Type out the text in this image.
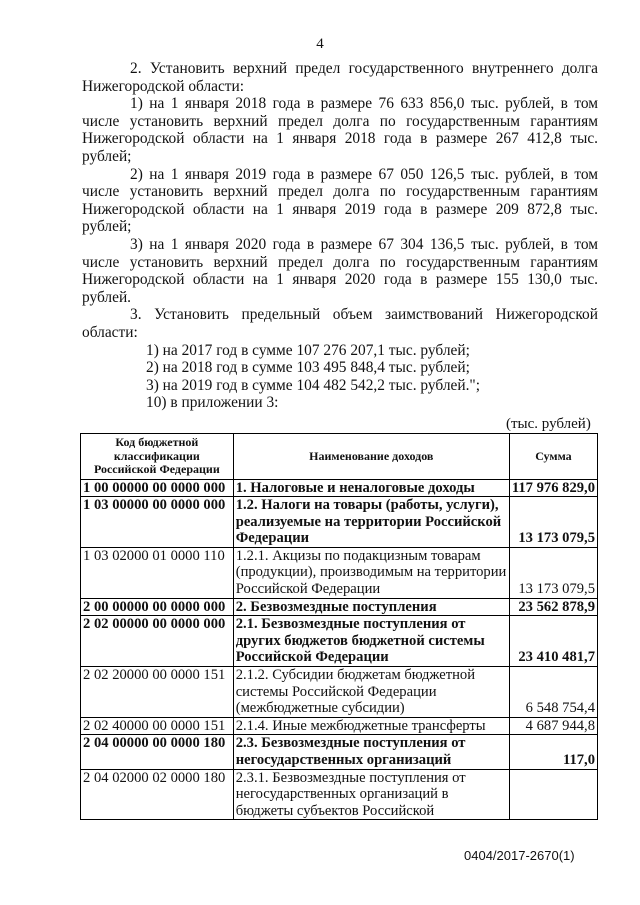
4

2. Установить верхний предел государственного внутреннего долга Нижегородской области:

1) на 1 января 2018 года в размере 76 633 856,0 тыс. рублей, в том числе установить верхний предел долга по государственным гарантиям Нижегородской области на 1 января 2018 года в размере 267 412,8 тыс. рублей;

2) на 1 января 2019 года в размере 67 050 126,5 тыс. рублей, в том числе установить верхний предел долга по государственным гарантиям Нижегородской области на 1 января 2019 года в размере 209 872,8 тыс. рублей;

3) на 1 января 2020 года в размере 67 304 136,5 тыс. рублей, в том числе установить верхний предел долга по государственным гарантиям Нижегородской области на 1 января 2020 года в размере 155 130,0 тыс. рублей.

3. Установить предельный объем заимствований Нижегородской области:

1) на 2017 год в сумме 107 276 207,1 тыс. рублей;

2) на 2018 год в сумме 103 495 848,4 тыс. рублей;

3) на 2019 год в сумме 104 482 542,2 тыс. рублей.";

10) в приложении 3:

(тыс. рублей)
Код бюджетной классификации Российской Федерации	Наименование доходов	Сумма
1 00 00000 00 0000 000	1. Налоговые и неналоговые доходы	117 976 829,0
1 03 00000 00 0000 000	1.2. Налоги на товары (работы, услуги), реализуемые на территории Российской Федерации	13 173 079,5
1 03 02000 01 0000 110	1.2.1. Акцизы по подакцизным товарам (продукции), производимым на территории Российской Федерации	13 173 079,5
2 00 00000 00 0000 000	2. Безвозмездные поступления	23 562 878,9
2 02 00000 00 0000 000	2.1. Безвозмездные поступления от других бюджетов бюджетной системы Российской Федерации	23 410 481,7
2 02 20000 00 0000 151	2.1.2. Субсидии бюджетам бюджетной системы Российской Федерации (межбюджетные субсидии)	6 548 754,4
2 02 40000 00 0000 151	2.1.4. Иные межбюджетные трансферты	4 687 944,8
2 04 00000 00 0000 180	2.3. Безвозмездные поступления от негосударственных организаций	117,0
2 04 02000 02 0000 180	2.3.1. Безвозмездные поступления от негосударственных организаций в бюджеты субъектов Российской	
0404/2017-2670(1)
